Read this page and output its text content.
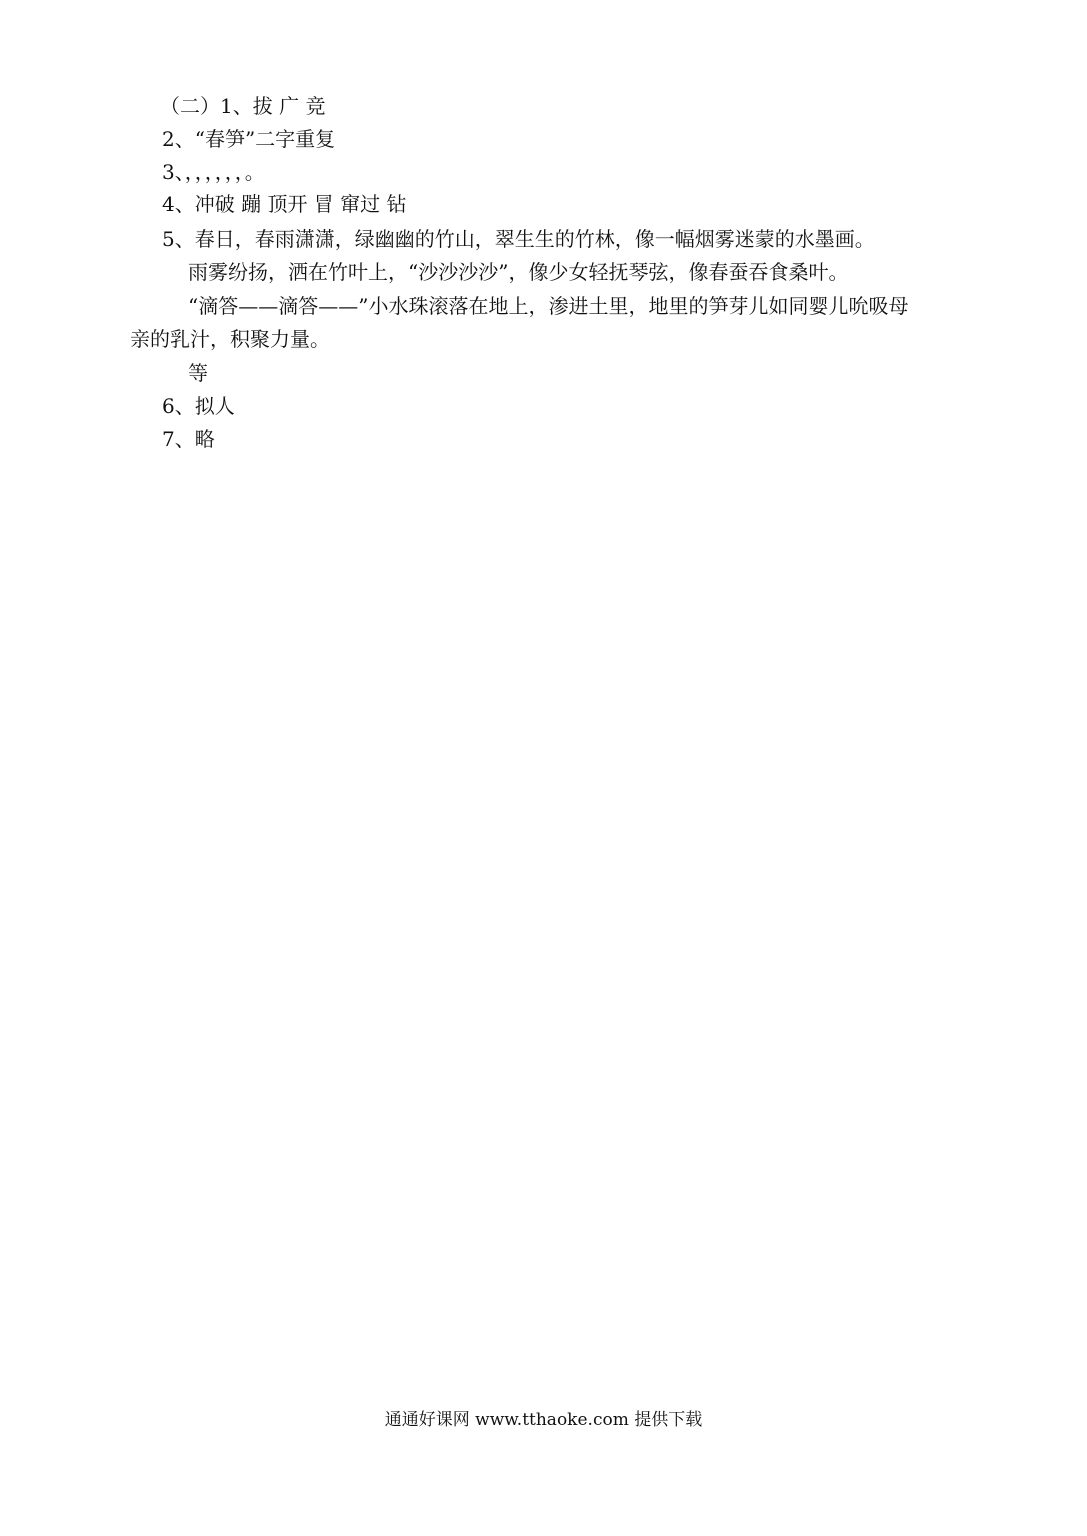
（二）1、拔 广 竞
2、“春笋”二字重复
3、，，，，，，。
4、冲破 蹦 顶开 冒 窜过 钻
5、春日，春雨潇潇，绿幽幽的竹山，翠生生的竹林，像一幅烟雾迷蒙的水墨画。
雨雾纷扬，洒在竹叶上，“沙沙沙沙”，像少女轻抚琴弦，像春蚕吞食桑叶。
“滴答——滴答——”小水珠滚落在地上，渗进土里，地里的笋芽儿如同婴儿吮吸母
亲的乳汁，积聚力量。
等
6、拟人
7、略
通通好课网 www.tthaoke.com 提供下载
